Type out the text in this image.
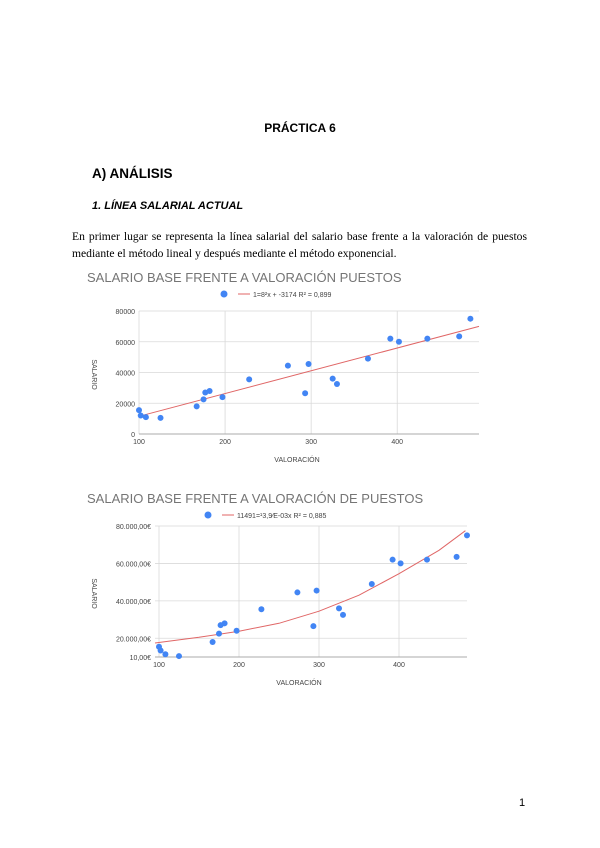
PRÁCTICA 6
A) ANÁLISIS
1. LÍNEA SALARIAL ACTUAL
En primer lugar se representa la línea salarial del salario base frente a la valoración de puestos mediante el método lineal y después mediante el método exponencial.
SALARIO BASE FRENTE A VALORACIÓN PUESTOS
1=8²x + -3174 R² = 0,899
0
20000
40000
60000
80000
100	200	300	400
VALORACIÓN
SALARIO
SALARIO BASE FRENTE A VALORACIÓN DE PUESTOS
11491=¹3,9⁄E-03x R² = 0,885
10,00€
20.000,00€
40.000,00€
60.000,00€
80.000,00€
100	200	300	400
VALORACIÓN
SALARIO
1
